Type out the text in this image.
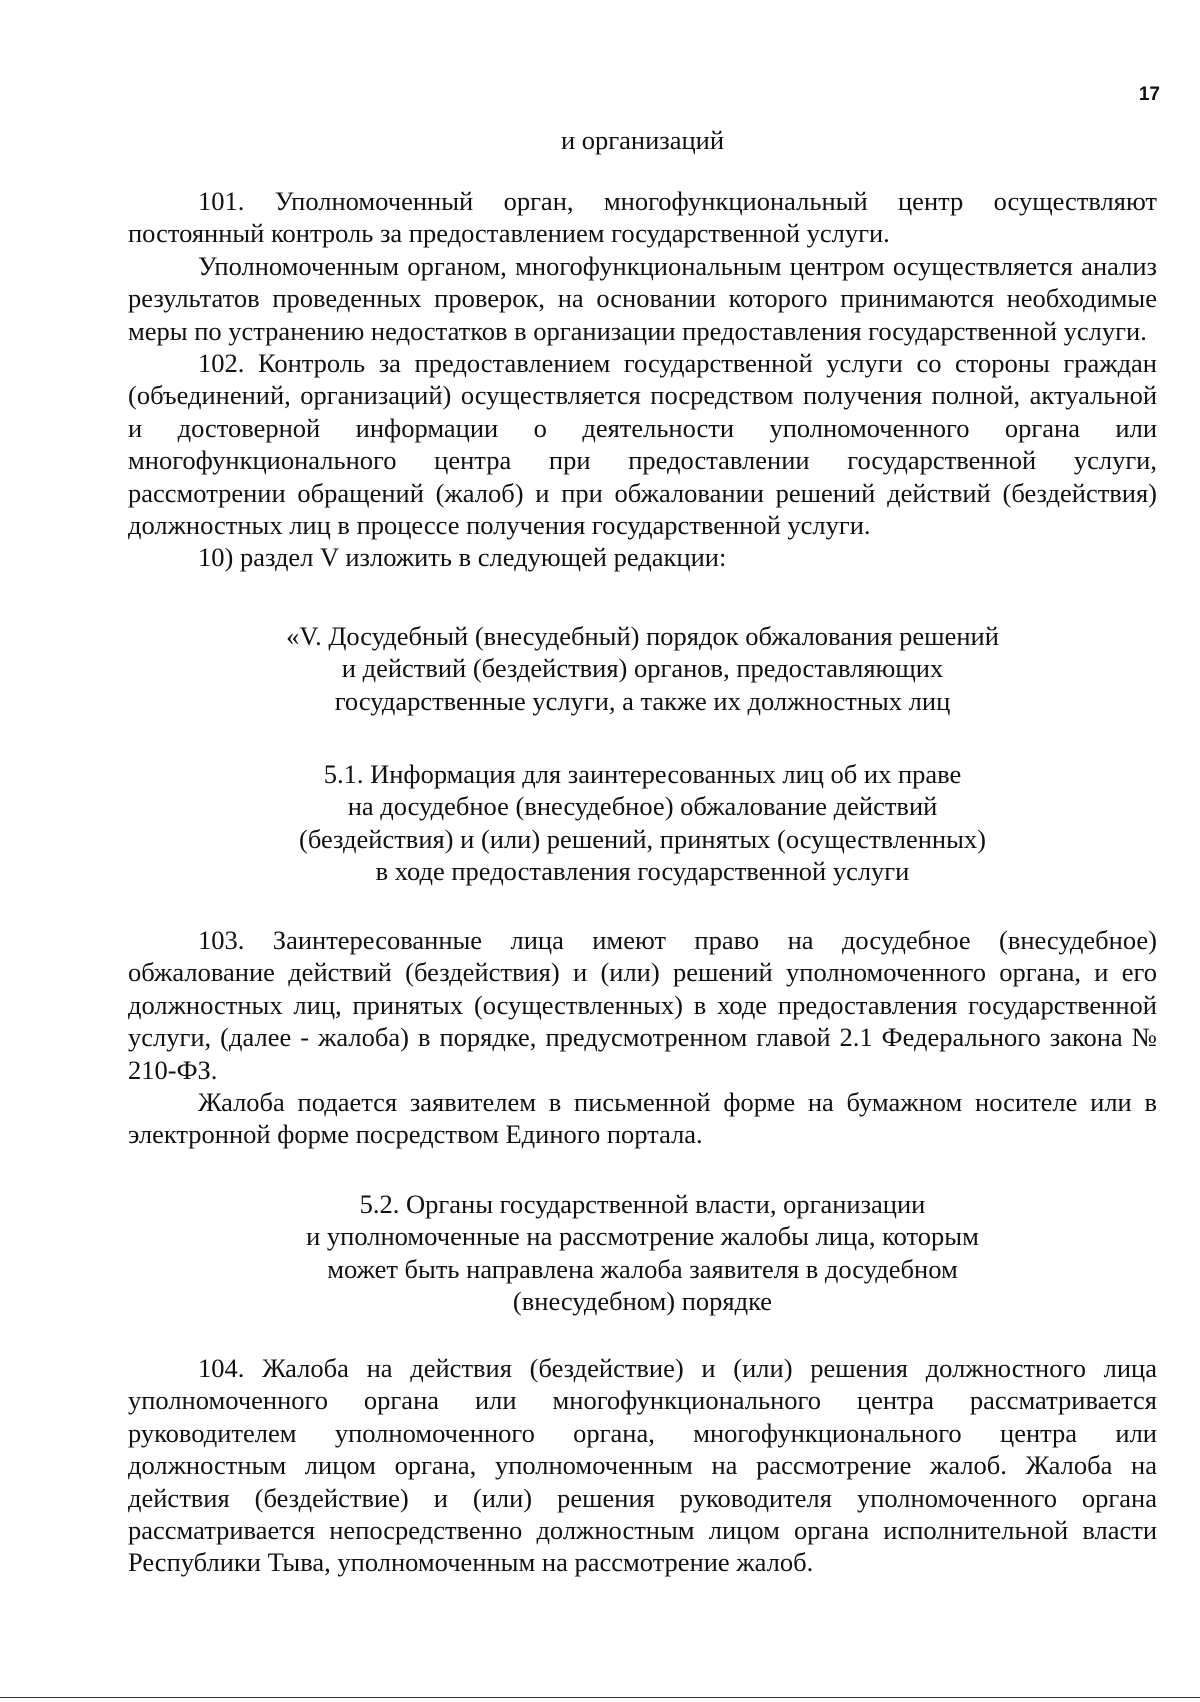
17
и организаций

101. Уполномоченный орган, многофункциональный центр осуществляют постоянный контроль за предоставлением государственной услуги.

Уполномоченным органом, многофункциональным центром осуществляется анализ результатов проведенных проверок, на основании которого принимаются необходимые меры по устранению недостатков в организации предоставления государственной услуги.

102. Контроль за предоставлением государственной услуги со стороны граждан (объединений, организаций) осуществляется посредством получения полной, актуальной и достоверной информации о деятельности уполномоченного органа или многофункционального центра при предоставлении государственной услуги, рассмотрении обращений (жалоб) и при обжаловании решений действий (бездействия) должностных лиц в процессе получения государственной услуги.

10) раздел V изложить в следующей редакции:

«V. Досудебный (внесудебный) порядок обжалования решений
и действий (бездействия) органов, предоставляющих
государственные услуги, а также их должностных лиц
5.1. Информация для заинтересованных лиц об их праве
на досудебное (внесудебное) обжалование действий
(бездействия) и (или) решений, принятых (осуществленных)
в ходе предоставления государственной услуги

103. Заинтересованные лица имеют право на досудебное (внесудебное) обжалование действий (бездействия) и (или) решений уполномоченного органа, и его должностных лиц, принятых (осуществленных) в ходе предоставления государственной услуги, (далее - жалоба) в порядке, предусмотренном главой 2.1 Федерального закона № 210-ФЗ.

Жалоба подается заявителем в письменной форме на бумажном носителе или в электронной форме посредством Единого портала.

5.2. Органы государственной власти, организации
и уполномоченные на рассмотрение жалобы лица, которым
может быть направлена жалоба заявителя в досудебном
(внесудебном) порядке

104. Жалоба на действия (бездействие) и (или) решения должностного лица уполномоченного органа или многофункционального центра рассматривается руководителем уполномоченного органа, многофункционального центра или должностным лицом органа, уполномоченным на рассмотрение жалоб. Жалоба на действия (бездействие) и (или) решения руководителя уполномоченного органа рассматривается непосредственно должностным лицом органа исполнительной власти Республики Тыва, уполномоченным на рассмотрение жалоб.
